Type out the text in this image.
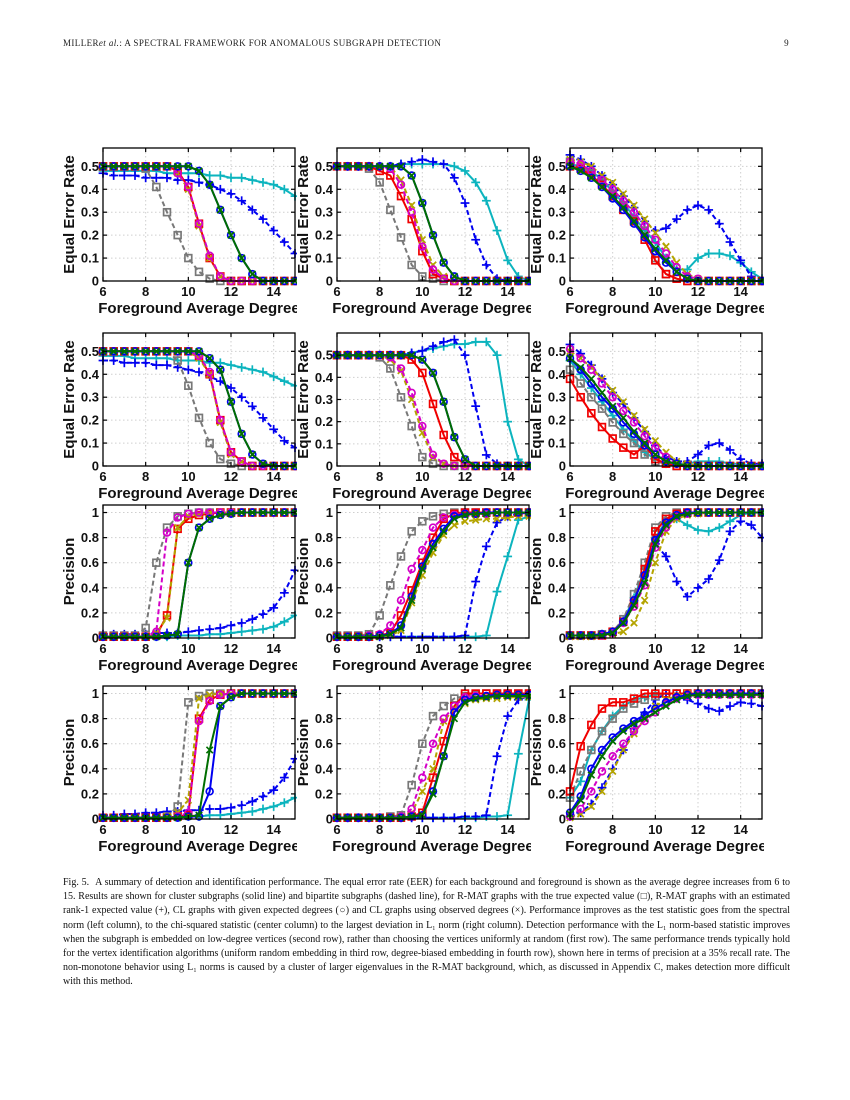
MILLERet al.: A SPECTRAL FRAMEWORK FOR ANOMALOUS SUBGRAPH DETECTION	9
6	8 10 12 14
0
0.1
0.2
0.3
0.4
0.5
Foreground Average Degree
Equal Error Rate
6	8 10 12 14
0
0.1
0.2
0.3
0.4
0.5
Foreground Average Degree
Equal Error Rate
6	8 10 12 14
0
0.1
0.2
0.3
0.4
0.5
Foreground Average Degree
Equal Error Rate
6	8 10 12 14
0
0.1
0.2
0.3
0.4
0.5
Foreground Average Degree
Equal Error Rate
6	8 10 12 14
0
0.1
0.2
0.3
0.4
0.5
Foreground Average Degree
Equal Error Rate
6	8 10 12 14
0
0.1
0.2
0.3
0.4
0.5
Foreground Average Degree
Equal Error Rate
6	8 10 12 14
0
0.2
0.4
0.6
0.8
1
Foreground Average Degree
Precision
6	8 10 12 14
0
0.2
0.4
0.6
0.8
1
Foreground Average Degree
Precision
6	8 10 12 14
0
0.2
0.4
0.6
0.8
1
Foreground Average Degree
Precision
6	8 10 12 14
0
0.2
0.4
0.6
0.8
1
Foreground Average Degree
Precision
6	8 10 12 14
0
0.2
0.4
0.6
0.8
1
Foreground Average Degree
Precision
6	8 10 12 14
0
0.2
0.4
0.6
0.8
1
Foreground Average Degree
Precision
Fig. 5. A summary of detection and identification performance. The equal error rate (EER) for each background and foreground is shown as the average degree increases from 6 to 15. Results are shown for cluster subgraphs (solid line) and bipartite subgraphs (dashed line), for R-MAT graphs with the true expected value (□), R-MAT graphs with an estimated rank-1 expected value (+), CL graphs with given expected degrees (○) and CL graphs using observed degrees (×). Performance improves as the test statistic goes from the spectral norm (left column), to the chi-squared statistic (center column) to the largest deviation in L₁ norm (right column). Detection performance with the L₁ norm-based statistic improves when the subgraph is embedded on low-degree vertices (second row), rather than choosing the vertices uniformly at random (first row). The same performance trends typically hold for the vertex identification algorithms (uniform random embedding in third row, degree-biased embedding in fourth row), shown here in terms of precision at a 35% recall rate. The non-monotone behavior using L₁ norms is caused by a cluster of larger eigenvalues in the R-MAT background, which, as discussed in Appendix C, makes detection more difficult with this method.
